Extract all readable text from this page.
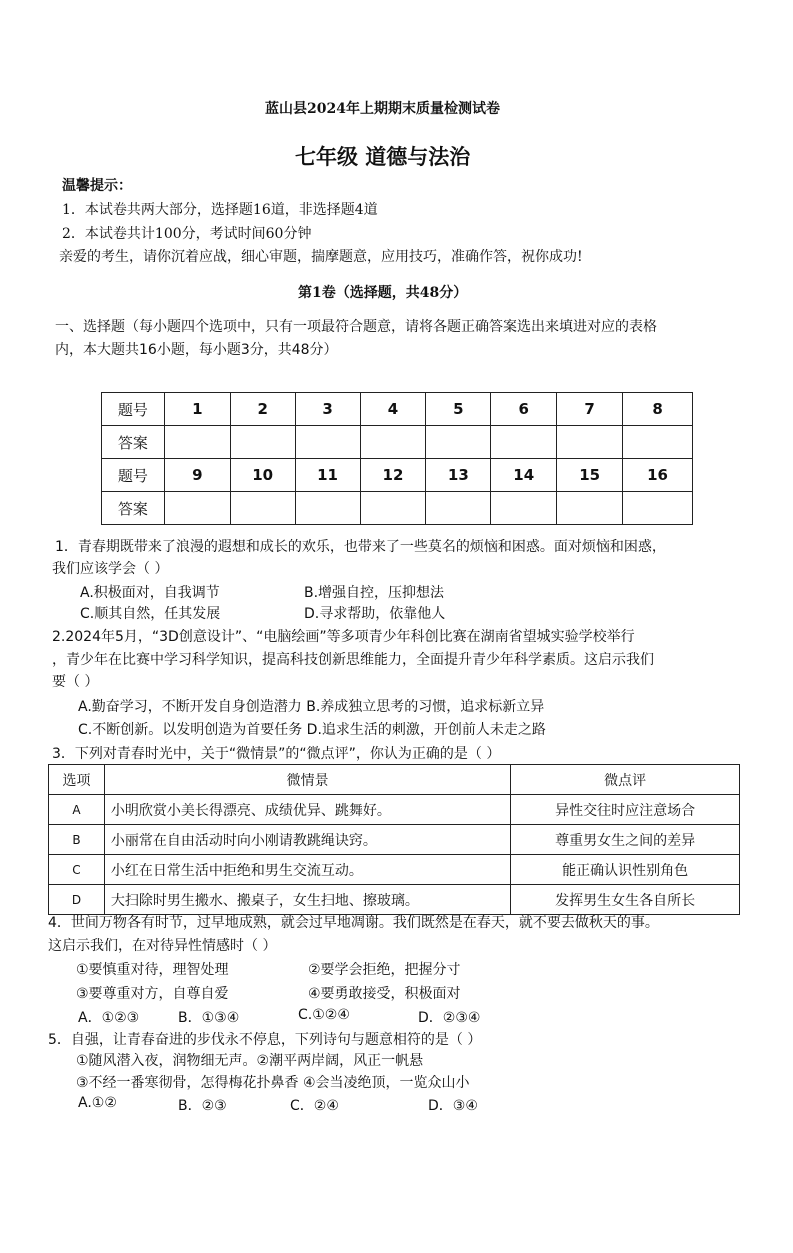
蓝山县2024年上期期末质量检测试卷
七年级 道德与法治
温馨提示：
1．本试卷共两大部分，选择题16道，非选择题4道
2．本试卷共计100分，考试时间60分钟
亲爱的考生，请你沉着应战，细心审题，揣摩题意，应用技巧，准确作答，祝你成功!
第1卷（选择题，共48分）
一、选择题（每小题四个选项中，只有一项最符合题意，请将各题正确答案选出来填进对应的表格
内，本大题共16小题，每小题3分，共48分）
题号	1	2	3	4	5	6	7	8
答案								
题号	9	10	11	12	13	14	15	16
答案								
1．青春期既带来了浪漫的遐想和成长的欢乐，也带来了一些莫名的烦恼和困惑。面对烦恼和困惑，
我们应该学会（ ）
A.积极面对，自我调节	B.增强自控，压抑想法
C.顺其自然，任其发展	D.寻求帮助，依靠他人
2.2024年5月，“3D创意设计”、“电脑绘画”等多项青少年科创比赛在湖南省望城实验学校举行
，青少年在比赛中学习科学知识，提高科技创新思维能力，全面提升青少年科学素质。这启示我们
要（ ）
A.勤奋学习，不断开发自身创造潜力 B.养成独立思考的习惯，追求标新立异
C.不断创新。以发明创造为首要任务 D.追求生活的刺激，开创前人未走之路
3．下列对青春时光中，关于“微情景”的“微点评”，你认为正确的是（ ）
选项	微情景	微点评
A	小明欣赏小美长得漂亮、成绩优异、跳舞好。	异性交往时应注意场合
B	小丽常在自由活动时向小刚请教跳绳诀窍。	尊重男女生之间的差异
C	小红在日常生活中拒绝和男生交流互动。	能正确认识性别角色
D	大扫除时男生搬水、搬桌子，女生扫地、擦玻璃。	发挥男生女生各自所长
4．世间万物各有时节，过早地成熟，就会过早地凋谢。我们既然是在春天，就不要去做秋天的事。
这启示我们，在对待异性情感时（ ）
①要慎重对待，理智处理	②要学会拒绝，把握分寸
③要尊重对方，自尊自爱	④要勇敢接受，积极面对
A．①②③	B．①③④	C.①②④	D．②③④
5．自强，让青春奋进的步伐永不停息，下列诗句与题意相符的是（ ）
①随风潜入夜，润物细无声。②潮平两岸阔，风正一帆悬
③不经一番寒彻骨，怎得梅花扑鼻香 ④会当凌绝顶，一览众山小
A.①②	B．②③	C．②④	D．③④
